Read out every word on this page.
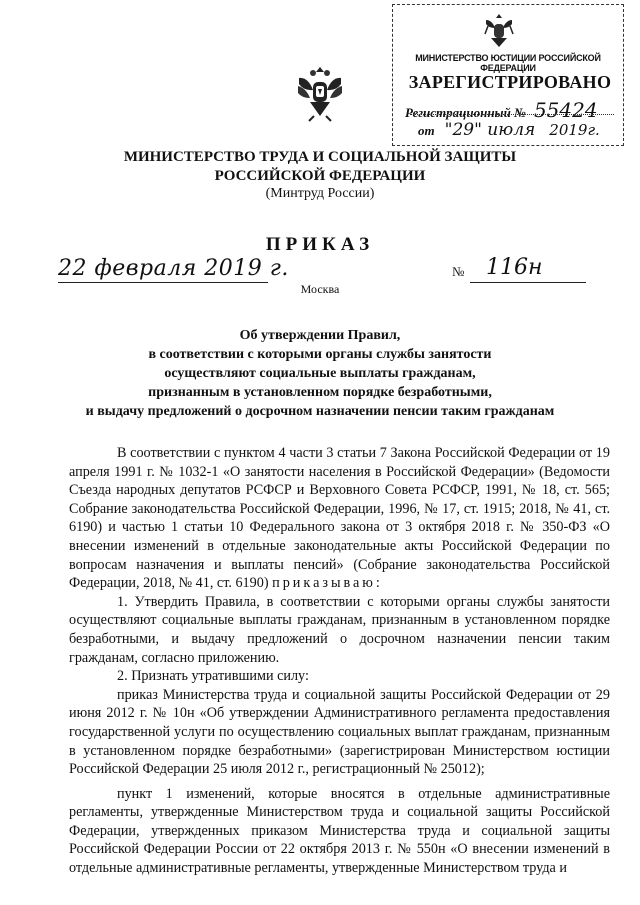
МИНИСТЕРСТВО ЮСТИЦИИ РОССИЙСКОЙ ФЕДЕРАЦИИ
ЗАРЕГИСТРИРОВАНО
Регистрационный № 55424
от "29" июля 2019г.
МИНИСТЕРСТВО ТРУДА И СОЦИАЛЬНОЙ ЗАЩИТЫ
РОССИЙСКОЙ ФЕДЕРАЦИИ
(Минтруд России)
ПРИКАЗ
22 февраля 2019 г.	№ 116н
Москва
Об утверждении Правил,
в соответствии с которыми органы службы занятости
осуществляют социальные выплаты гражданам,
признанным в установленном порядке безработными,
и выдачу предложений о досрочном назначении пенсии таким гражданам

В соответствии с пунктом 4 части 3 статьи 7 Закона Российской Федерации от 19 апреля 1991 г. № 1032-1 «О занятости населения в Российской Федерации» (Ведомости Съезда народных депутатов РСФСР и Верховного Совета РСФСР, 1991, № 18, ст. 565; Собрание законодательства Российской Федерации, 1996, № 17, ст. 1915; 2018, № 41, ст. 6190) и частью 1 статьи 10 Федерального закона от 3 октября 2018 г. № 350-ФЗ «О внесении изменений в отдельные законодательные акты Российской Федерации по вопросам назначения и выплаты пенсий» (Собрание законодательства Российской Федерации, 2018, № 41, ст. 6190) приказываю:

1. Утвердить Правила, в соответствии с которыми органы службы занятости осуществляют социальные выплаты гражданам, признанным в установленном порядке безработными, и выдачу предложений о досрочном назначении пенсии таким гражданам, согласно приложению.

2. Признать утратившими силу:

приказ Министерства труда и социальной защиты Российской Федерации от 29 июня 2012 г. № 10н «Об утверждении Административного регламента предоставления государственной услуги по осуществлению социальных выплат гражданам, признанным в установленном порядке безработными» (зарегистрирован Министерством юстиции Российской Федерации 25 июля 2012 г., регистрационный № 25012);

пункт 1 изменений, которые вносятся в отдельные административные регламенты, утвержденные Министерством труда и социальной защиты Российской Федерации, утвержденных приказом Министерства труда и социальной защиты Российской Федерации России от 22 октября 2013 г. № 550н «О внесении изменений в отдельные административные регламенты, утвержденные Министерством труда и
